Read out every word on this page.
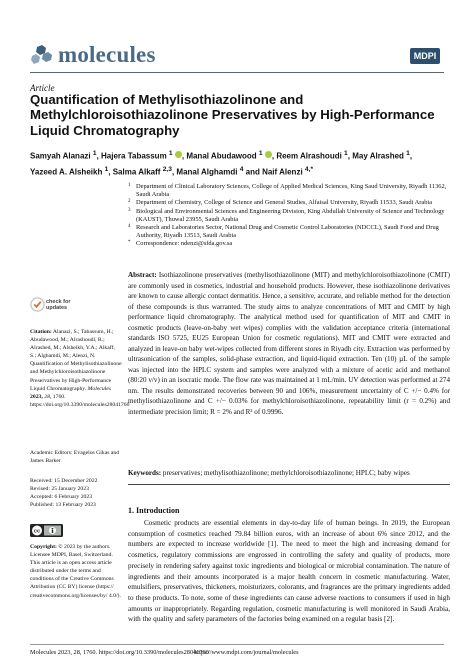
molecules	MDPI
Article
Quantification of Methylisothiazolinone and Methylchloroisothiazolinone Preservatives by High-Performance Liquid Chromatography
Samyah Alanazi $^1$, Hajera Tabassum $^1$ , Manal Abudawood $^1$ , Reem Alrashoudi $^1$, May Alrashed $^1$,
Yazeed A. Alsheikh $^1$, Salma Alkaff $^{2,3}$, Manal Alghamdi $^4$ and Naif Alenzi $^{4,*}$
1 Department of Clinical Laboratory Sciences, College of Applied Medical Sciences, King Saud University, Riyadh 11362, Saudi Arabia
2 Department of Chemistry, College of Science and General Studies, Alfaisal University, Riyadh 11533, Saudi Arabia
3 Biological and Environmental Sciences and Engineering Division, King Abdullah University of Science and Technology (KAUST), Thuwal 23955, Saudi Arabia
4 Research and Laboratories Sector, National Drug and Cosmetic Control Laboratories (NDCCL), Saudi Food and Drug Authority, Riyadh 13513, Saudi Arabia
* Correspondence: ndenzi@sfda.gov.sa
Abstract: Isothiazolinone preservatives (methylisothiazolinone (MIT) and methylchloroisothiazolinone (CMIT) are commonly used in cosmetics, industrial and household products. However, these isothiazolinone derivatives are known to cause allergic contact dermatitis. Hence, a sensitive, accurate, and reliable method for the detection of these compounds is thus warranted. The study aims to analyze concentrations of MIT and CMIT by high performance liquid chromatography. The analytical method used for quantification of MIT and CMIT in cosmetic products (leave-on-baby wet wipes) complies with the validation acceptance criteria (international standards ISO 5725, EU25 European Union for cosmetic regulations). MIT and CMIT were extracted and analyzed in leave-on baby wet-wipes collected from different stores in Riyadh city. Extraction was performed by ultrasonication of the samples, solid-phase extraction, and liquid-liquid extraction. Ten (10) µL of the sample was injected into the HPLC system and samples were analyzed with a mixture of acetic acid and methanol (80:20 v/v) in an isocratic mode. The flow rate was maintained at 1 mL/min. UV detection was performed at 274 nm. The results demonstrated recoveries between 90 and 106%, measurement uncertainty of C +/− 0.4% for methylisothiazolinone and C +/− 0.03% for methylchloroisothiazolinone, repeatability limit (r = 0.2%) and intermediate precision limit; R = 2% and R² of 0.9996.
Keywords: preservatives; methylisothiazolinone; methylchloroisothiazolinone; HPLC; baby wipes
1. Introduction
Cosmetic products are essential elements in day-to-day life of human beings. In 2019, the European consumption of cosmetics reached 79.84 billion euros, with an increase of about 6% since 2012, and the numbers are expected to increase worldwide [1]. The need to meet the high and increasing demand for cosmetics, regulatory commissions are engrossed in controlling the safety and quality of products, more precisely in rendering safety against toxic ingredients and biological or microbial contamination. The nature of ingredients and their amounts incorporated is a major health concern in cosmetic manufacturing. Water, emulsifiers, preservatives, thickeners, moisturizers, colorants, and fragrances are the primary ingredients added to these products. To note, some of these ingredients can cause adverse reactions to consumers if used in high amounts or inappropriately. Regarding regulation, cosmetic manufacturing is well monitored in Saudi Arabia, with the quality and safety parameters of the factories being examined on a regular basis [2].
check for
updates
Citation: Alanazi, S.; Tabassum, H.; Abudawood, M.; Alrashoudi, R.; Alrashed, M.; Alsheikh, Y.A.; Alkaff, S.; Alghamdi, M.; Alenzi, N. Quantification of Methylisothiazolinone and Methylchloroisothiazolinone Preservatives by High-Performance Liquid Chromatography. Molecules 2023, 28, 1760. https://doi.org/10.3390/molecules28041760
Academic Editors: Evagelos Gikas and James Barker
Received: 15 December 2022
Revised: 25 January 2023
Accepted: 6 February 2023
Published: 13 February 2023
cc
Copyright: © 2023 by the authors. Licensee MDPI, Basel, Switzerland. This article is an open access article distributed under the terms and conditions of the Creative Commons Attribution (CC BY) license (https:// creativecommons.org/licenses/by/ 4.0/).
Molecules 2023, 28, 1760. https://doi.org/10.3390/molecules28041760
https://www.mdpi.com/journal/molecules
